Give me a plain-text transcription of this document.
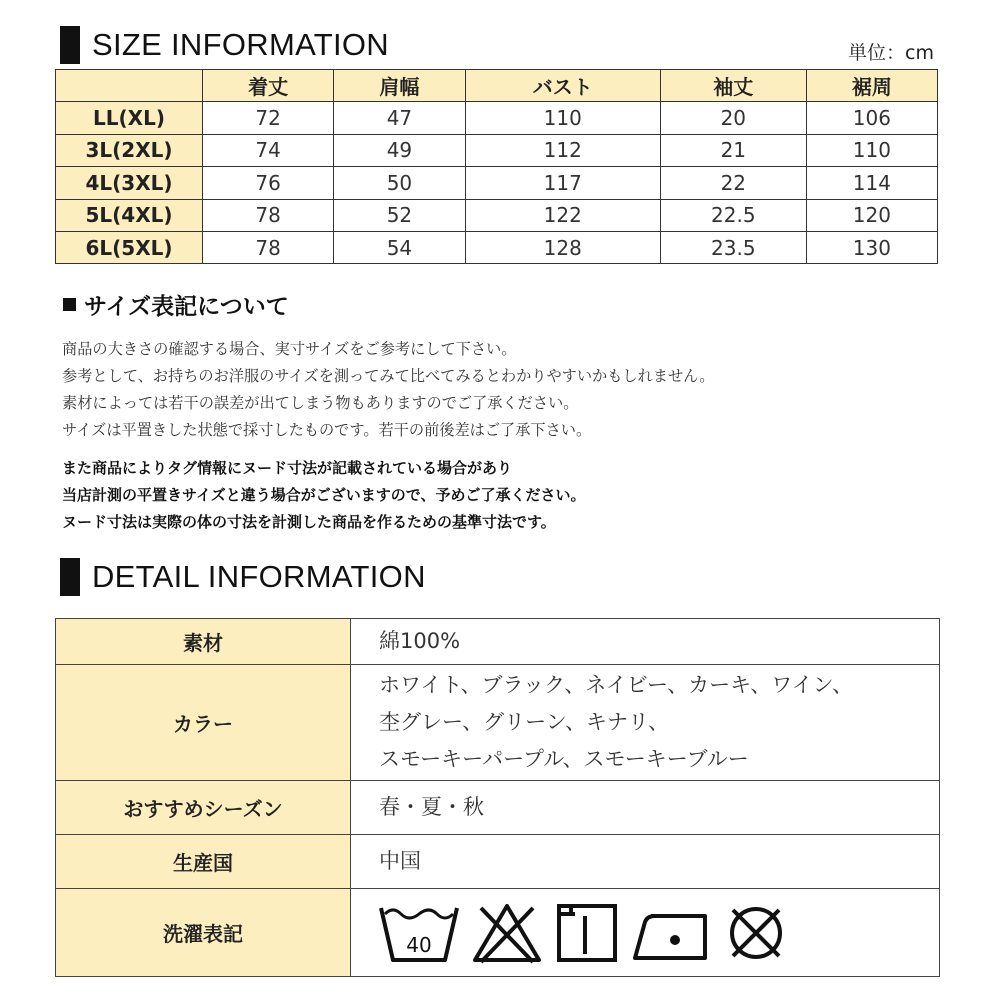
SIZE INFORMATION	単位：cm
	着丈	肩幅	バスト	袖丈	裾周
LL(XL)	72	47	110	20	106
3L(2XL)	74	49	112	21	110
4L(3XL)	76	50	117	22	114
5L(4XL)	78	52	122	22.5	120
6L(5XL)	78	54	128	23.5	130
サイズ表記について
商品の大きさの確認する場合、実寸サイズをご参考にして下さい。
参考として、お持ちのお洋服のサイズを測ってみて比べてみるとわかりやすいかもしれません。
素材によっては若干の誤差が出てしまう物もありますのでご了承ください。
サイズは平置きした状態で採寸したものです。若干の前後差はご了承下さい。
また商品によりタグ情報にヌード寸法が記載されている場合があり
当店計測の平置きサイズと違う場合がございますので、予めご了承ください。
ヌード寸法は実際の体の寸法を計測した商品を作るための基準寸法です。
DETAIL INFORMATION
素材	綿100%

カラー	ホワイト、ブラック、ネイビー、カーキ、ワイン、
杢グレー、グリーン、キナリ、
スモーキーパープル、スモーキーブルー

おすすめシーズン	春・夏・秋

生産国	中国

洗濯表記	40
